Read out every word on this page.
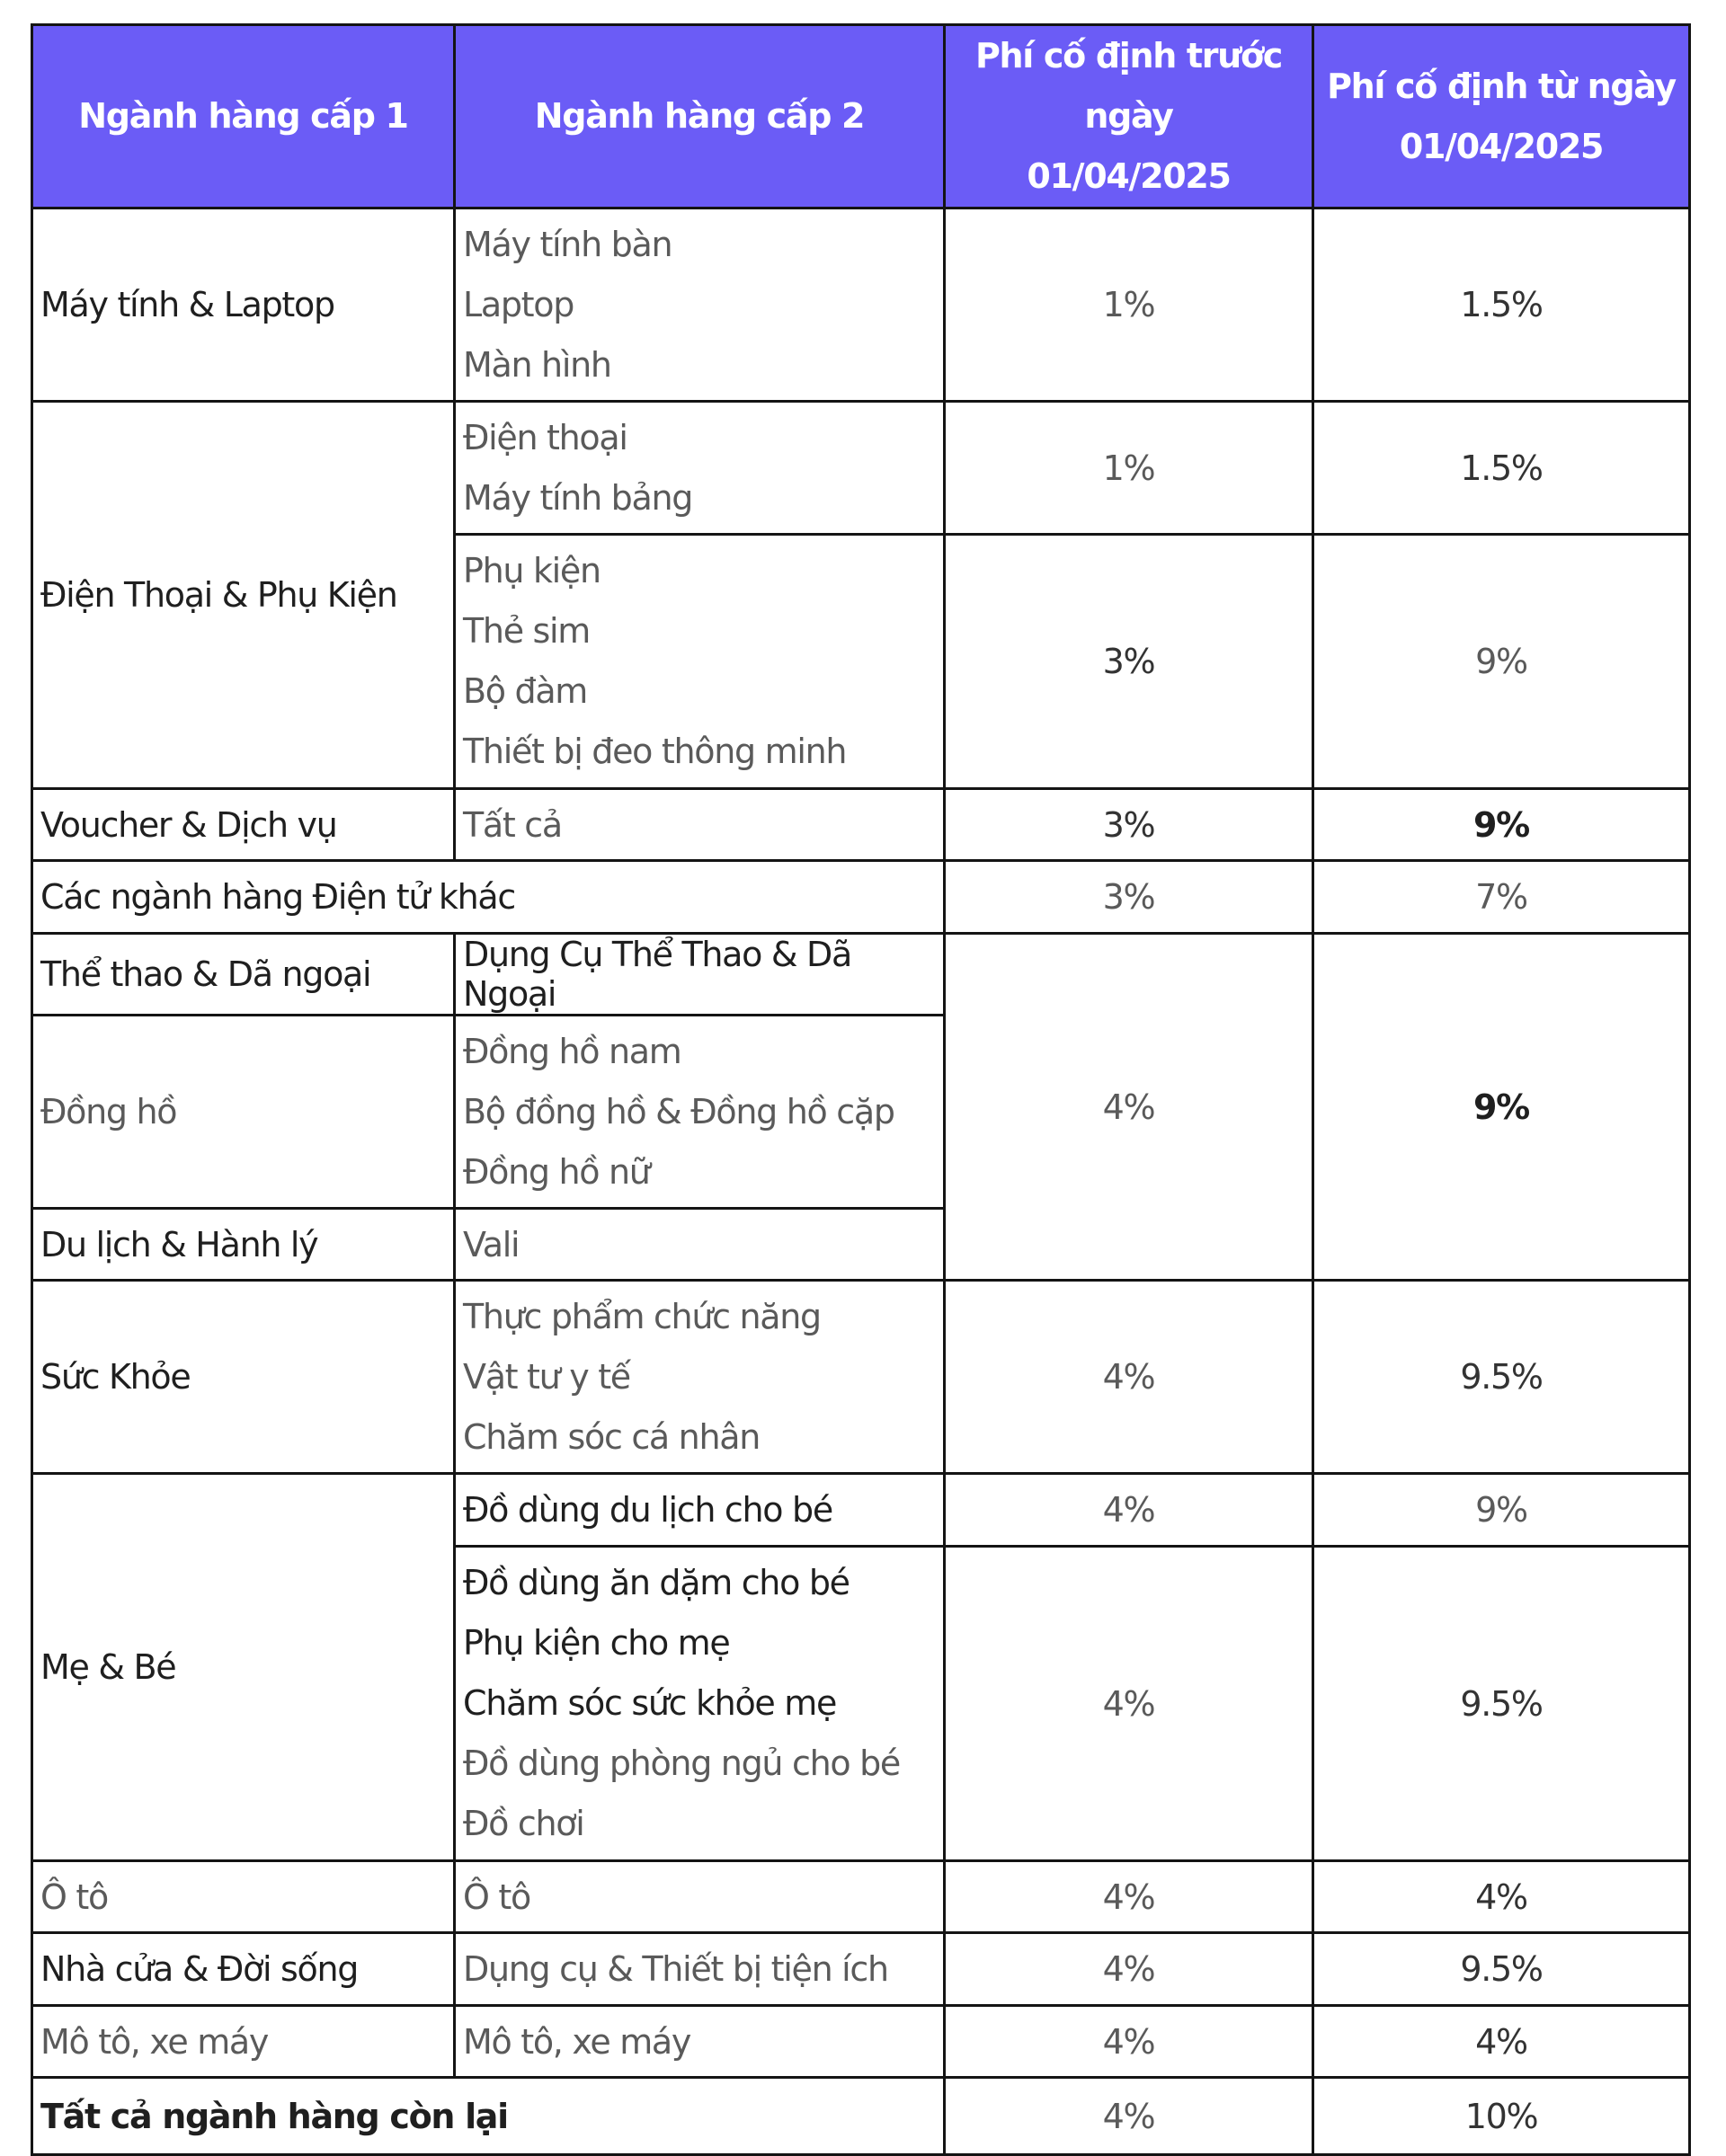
Ngành hàng cấp 1	Ngành hàng cấp 2	Phí cố định trước ngày
01/04/2025	Phí cố định từ ngày
01/04/2025

Máy tính & Laptop	Máy tính bàn
Laptop
Màn hình	1%	1.5%
Điện Thoại & Phụ Kiện	Điện thoại
Máy tính bảng	1%	1.5%

	Phụ kiện
Thẻ sim
Bộ đàm
Thiết bị đeo thông minh	3%	9%
Voucher & Dịch vụ	Tất cả	3%	9%
Các ngành hàng Điện tử khác		3%	7%
Thể thao & Dã ngoại	Dụng Cụ Thể Thao & Dã Ngoại	4%	9%
Đồng hồ	Đồng hồ nam
Bộ đồng hồ & Đồng hồ cặp
Đồng hồ nữ		

Du lịch & Hành lý	Vali		
Sức Khỏe	Thực phẩm chức năng
Vật tư y tế
Chăm sóc cá nhân	4%	9.5%
Mẹ & Bé	Đồ dùng du lịch cho bé	4%	9%

	Đồ dùng ăn dặm cho bé
Phụ kiện cho mẹ
Chăm sóc sức khỏe mẹ
Đồ dùng phòng ngủ cho bé
Đồ chơi	4%	9.5%
Ô tô	Ô tô	4%	4%
Nhà cửa & Đời sống	Dụng cụ & Thiết bị tiện ích	4%	9.5%
Mô tô, xe máy	Mô tô, xe máy	4%	4%
Tất cả ngành hàng còn lại		4%	10%
